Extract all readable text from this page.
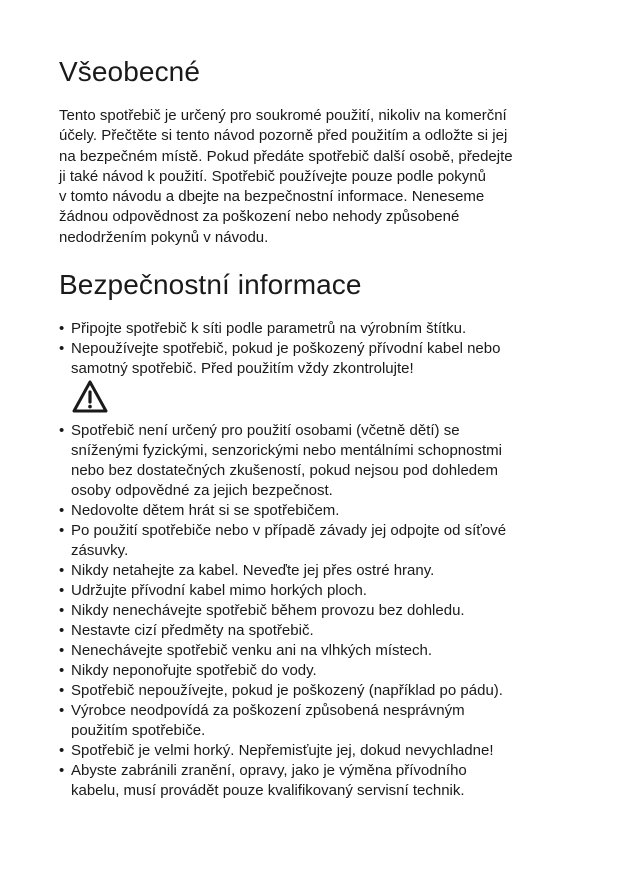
Všeobecné

Tento spotřebič je určený pro soukromé použití, nikoliv na komerční
účely. Přečtěte si tento návod pozorně před použitím a odložte si jej
na bezpečném místě. Pokud předáte spotřebič další osobě, předejte
ji také návod k použití. Spotřebič používejte pouze podle pokynů
v tomto návodu a dbejte na bezpečnostní informace. Neneseme
žádnou odpovědnost za poškození nebo nehody způsobené
nedodržením pokynů v návodu.

Bezpečnostní informace
• Připojte spotřebič k síti podle parametrů na výrobním štítku.
• Nepoužívejte spotřebič, pokud je poškozený přívodní kabel nebo
samotný spotřebič. Před použitím vždy zkontrolujte!
• Spotřebič není určený pro použití osobami (včetně dětí) se
sníženými fyzickými, senzorickými nebo mentálními schopnostmi
nebo bez dostatečných zkušeností, pokud nejsou pod dohledem
osoby odpovědné za jejich bezpečnost.
• Nedovolte dětem hrát si se spotřebičem.
• Po použití spotřebiče nebo v případě závady jej odpojte od síťové
zásuvky.
• Nikdy netahejte za kabel. Neveďte jej přes ostré hrany.
• Udržujte přívodní kabel mimo horkých ploch.
• Nikdy nenechávejte spotřebič během provozu bez dohledu.
• Nestavte cizí předměty na spotřebič.
• Nenechávejte spotřebič venku ani na vlhkých místech.
• Nikdy neponořujte spotřebič do vody.
• Spotřebič nepoužívejte, pokud je poškozený (například po pádu).
• Výrobce neodpovídá za poškození způsobená nesprávným
použitím spotřebiče.
• Spotřebič je velmi horký. Nepřemisťujte jej, dokud nevychladne!
• Abyste zabránili zranění, opravy, jako je výměna přívodního
kabelu, musí provádět pouze kvalifikovaný servisní technik.
